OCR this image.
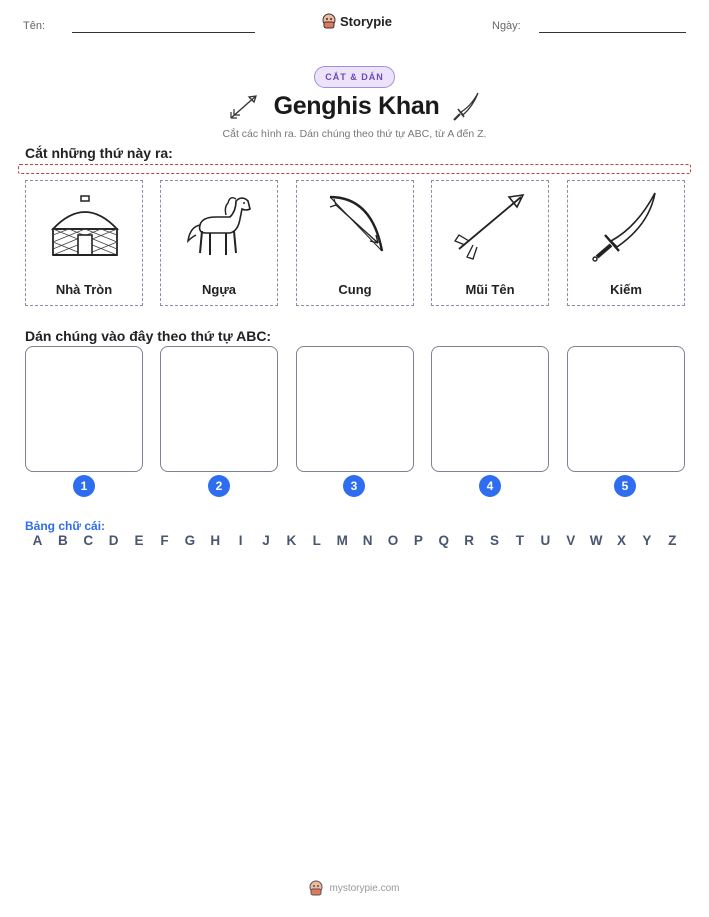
Tên:	Storypie	Ngày:
CẮT & DÁN
Genghis Khan
Cắt các hình ra. Dán chúng theo thứ tự ABC, từ A đến Z.
Cắt những thứ này ra:
Nhà Tròn	Ngựa	Cung	Mũi Tên	Kiếm
Dán chúng vào đây theo thứ tự ABC:
1	2	3	4	5
Bảng chữ cái:
A	B	C	D	E	F	G	H	I	J	K	L	M	N	O	P	Q	R	S	T	U	V	W	X	Y	Z
mystorypie.com
